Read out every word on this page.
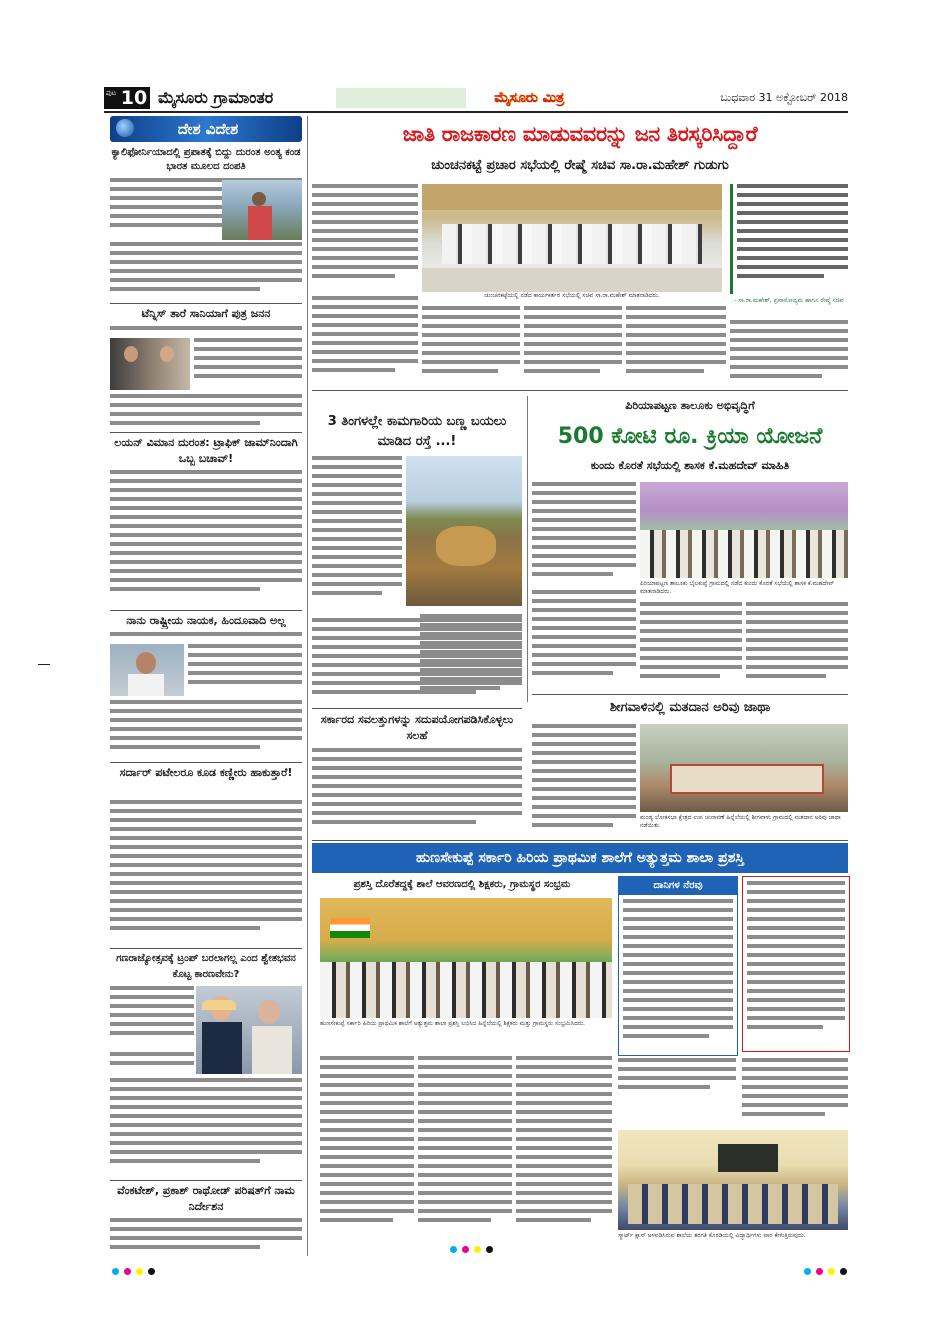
ಪುಟ 10 ಮೈಸೂರು ಗ್ರಾಮಾಂತರ	ಮೈಸೂರು ಮಿತ್ರ	ಬುಧವಾರ 31 ಅಕ್ಟೋಬರ್ 2018
ದೇಶ ವಿದೇಶ
ಕ್ಯಾಲಿಫೋರ್ನಿಯಾದಲ್ಲಿ ಪ್ರಪಾತಕ್ಕೆ ಬಿದ್ದು ದುರಂತ ಅಂತ್ಯ ಕಂಡ ಭಾರತ ಮೂಲದ ದಂಪತಿ
ಟೆನ್ನಿಸ್ ತಾರೆ ಸಾನಿಯಾಗೆ ಪುತ್ರ ಜನನ
ಲಯನ್ ವಿಮಾನ ದುರಂತ: ಟ್ರಾಫಿಕ್ ಜಾಮ್‌ನಿಂದಾಗಿ ಒಬ್ಬ ಬಚಾವ್!
ನಾನು ರಾಷ್ಟ್ರೀಯ ನಾಯಕ, ಹಿಂದೂವಾದಿ ಅಲ್ಲ
ಸರ್ದಾರ್ ಪಟೇಲರೂ ಕೂಡ ಕಣ್ಣೀರು ಹಾಕುತ್ತಾರೆ!
ಗಣರಾಜ್ಯೋತ್ಸವಕ್ಕೆ ಟ್ರಂಪ್ ಬರಲಾಗಲ್ಲ ಎಂದ ಶ್ವೇತಭವನ ಕೊಟ್ಟ ಕಾರಣವೇನು?
ವೆಂಕಟೇಶ್, ಪ್ರಕಾಶ್ ರಾಥೋಡ್ ಪರಿಷತ್‌ಗೆ ನಾಮ ನಿರ್ದೇಶನ
ಜಾತಿ ರಾಜಕಾರಣ ಮಾಡುವವರನ್ನು ಜನ ತಿರಸ್ಕರಿಸಿದ್ದಾರೆ
ಚುಂಚನಕಟ್ಟೆ ಪ್ರಚಾರ ಸಭೆಯಲ್ಲಿ ರೇಷ್ಮೆ ಸಚಿವ ಸಾ.ರಾ.ಮಹೇಶ್ ಗುಡುಗು
ಚುಂಚನಕಟ್ಟೆಯಲ್ಲಿ ನಡೆದ ಕಾರ್ಯಕರ್ತರ ಸಭೆಯಲ್ಲಿ ಸಚಿವ ಸಾ.ರಾ.ಮಹೇಶ್ ಮಾತನಾಡಿದರು.
- ಸಾ.ರಾ.ಮಹೇಶ್, ಪ್ರವಾಸೋದ್ಯಮ ಹಾಗೂ ರೇಷ್ಮೆ ಸಚಿವ
3 ತಿಂಗಳಲ್ಲೇ ಕಾಮಗಾರಿಯ ಬಣ್ಣ ಬಯಲು ಮಾಡಿದ ರಸ್ತೆ ...!
ಪಿರಿಯಾಪಟ್ಟಣ ತಾಲೂಕು ಅಭಿವೃದ್ಧಿಗೆ
500 ಕೋಟಿ ರೂ. ಕ್ರಿಯಾ ಯೋಜನೆ
ಕುಂದು ಕೊರತೆ ಸಭೆಯಲ್ಲಿ ಶಾಸಕ ಕೆ.ಮಹದೇವ್ ಮಾಹಿತಿ
ಪಿರಿಯಾಪಟ್ಟಣ ತಾಲೂಕು ಬೈಲಕುಪ್ಪೆ ಗ್ರಾಮದಲ್ಲಿ ನಡೆದ ಕುಂದು ಕೊರತೆ ಸಭೆಯಲ್ಲಿ ಶಾಸಕ ಕೆ.ಮಹದೇವ್ ಮಾತನಾಡಿದರು.
ಸರ್ಕಾರದ ಸವಲತ್ತುಗಳನ್ನು ಸದುಪಯೋಗಪಡಿಸಿಕೊಳ್ಳಲು ಸಲಹೆ
ಶೀಗವಾಳಿನಲ್ಲಿ ಮತದಾನ ಅರಿವು ಜಾಥಾ
ಮಂಡ್ಯ ಲೋಕಸಭಾ ಕ್ಷೇತ್ರದ ಉಪ ಚುನಾವಣೆ ಹಿನ್ನೆಲೆಯಲ್ಲಿ ಶೀಗವಾಳು ಗ್ರಾಮದಲ್ಲಿ ಮತದಾನ ಅರಿವು ಜಾಥಾ ನಡೆಯಿತು.
ಹುಣಸೇಕುಪ್ಪೆ ಸರ್ಕಾರಿ ಹಿರಿಯ ಪ್ರಾಥಮಿಕ ಶಾಲೆಗೆ ಅತ್ಯುತ್ತಮ ಶಾಲಾ ಪ್ರಶಸ್ತಿ
ಪ್ರಶಸ್ತಿ ದೊರೆತದ್ದಕ್ಕೆ ಶಾಲೆ ಆವರಣದಲ್ಲಿ ಶಿಕ್ಷಕರು, ಗ್ರಾಮಸ್ಥರ ಸಂಭ್ರಮ
ಹುಣಸೇಕುಪ್ಪೆ ಸರ್ಕಾರಿ ಹಿರಿಯ ಪ್ರಾಥಮಿಕ ಶಾಲೆಗೆ ಅತ್ಯುತ್ತಮ ಶಾಲಾ ಪ್ರಶಸ್ತಿ ಲಭಿಸಿದ ಹಿನ್ನೆಲೆಯಲ್ಲಿ ಶಿಕ್ಷಕರು ಮತ್ತು ಗ್ರಾಮಸ್ಥರು ಸಂಭ್ರಮಿಸಿದರು.
ದಾನಿಗಳ ನೆರವು
ಸ್ಮಾರ್ಟ್ ಕ್ಲಾಸ್ ಅಳವಡಿಸಿರುವ ಶಾಲೆಯ ತರಗತಿ ಕೊಠಡಿಯಲ್ಲಿ ವಿದ್ಯಾರ್ಥಿಗಳು ಪಾಠ ಕೇಳುತ್ತಿರುವುದು.
